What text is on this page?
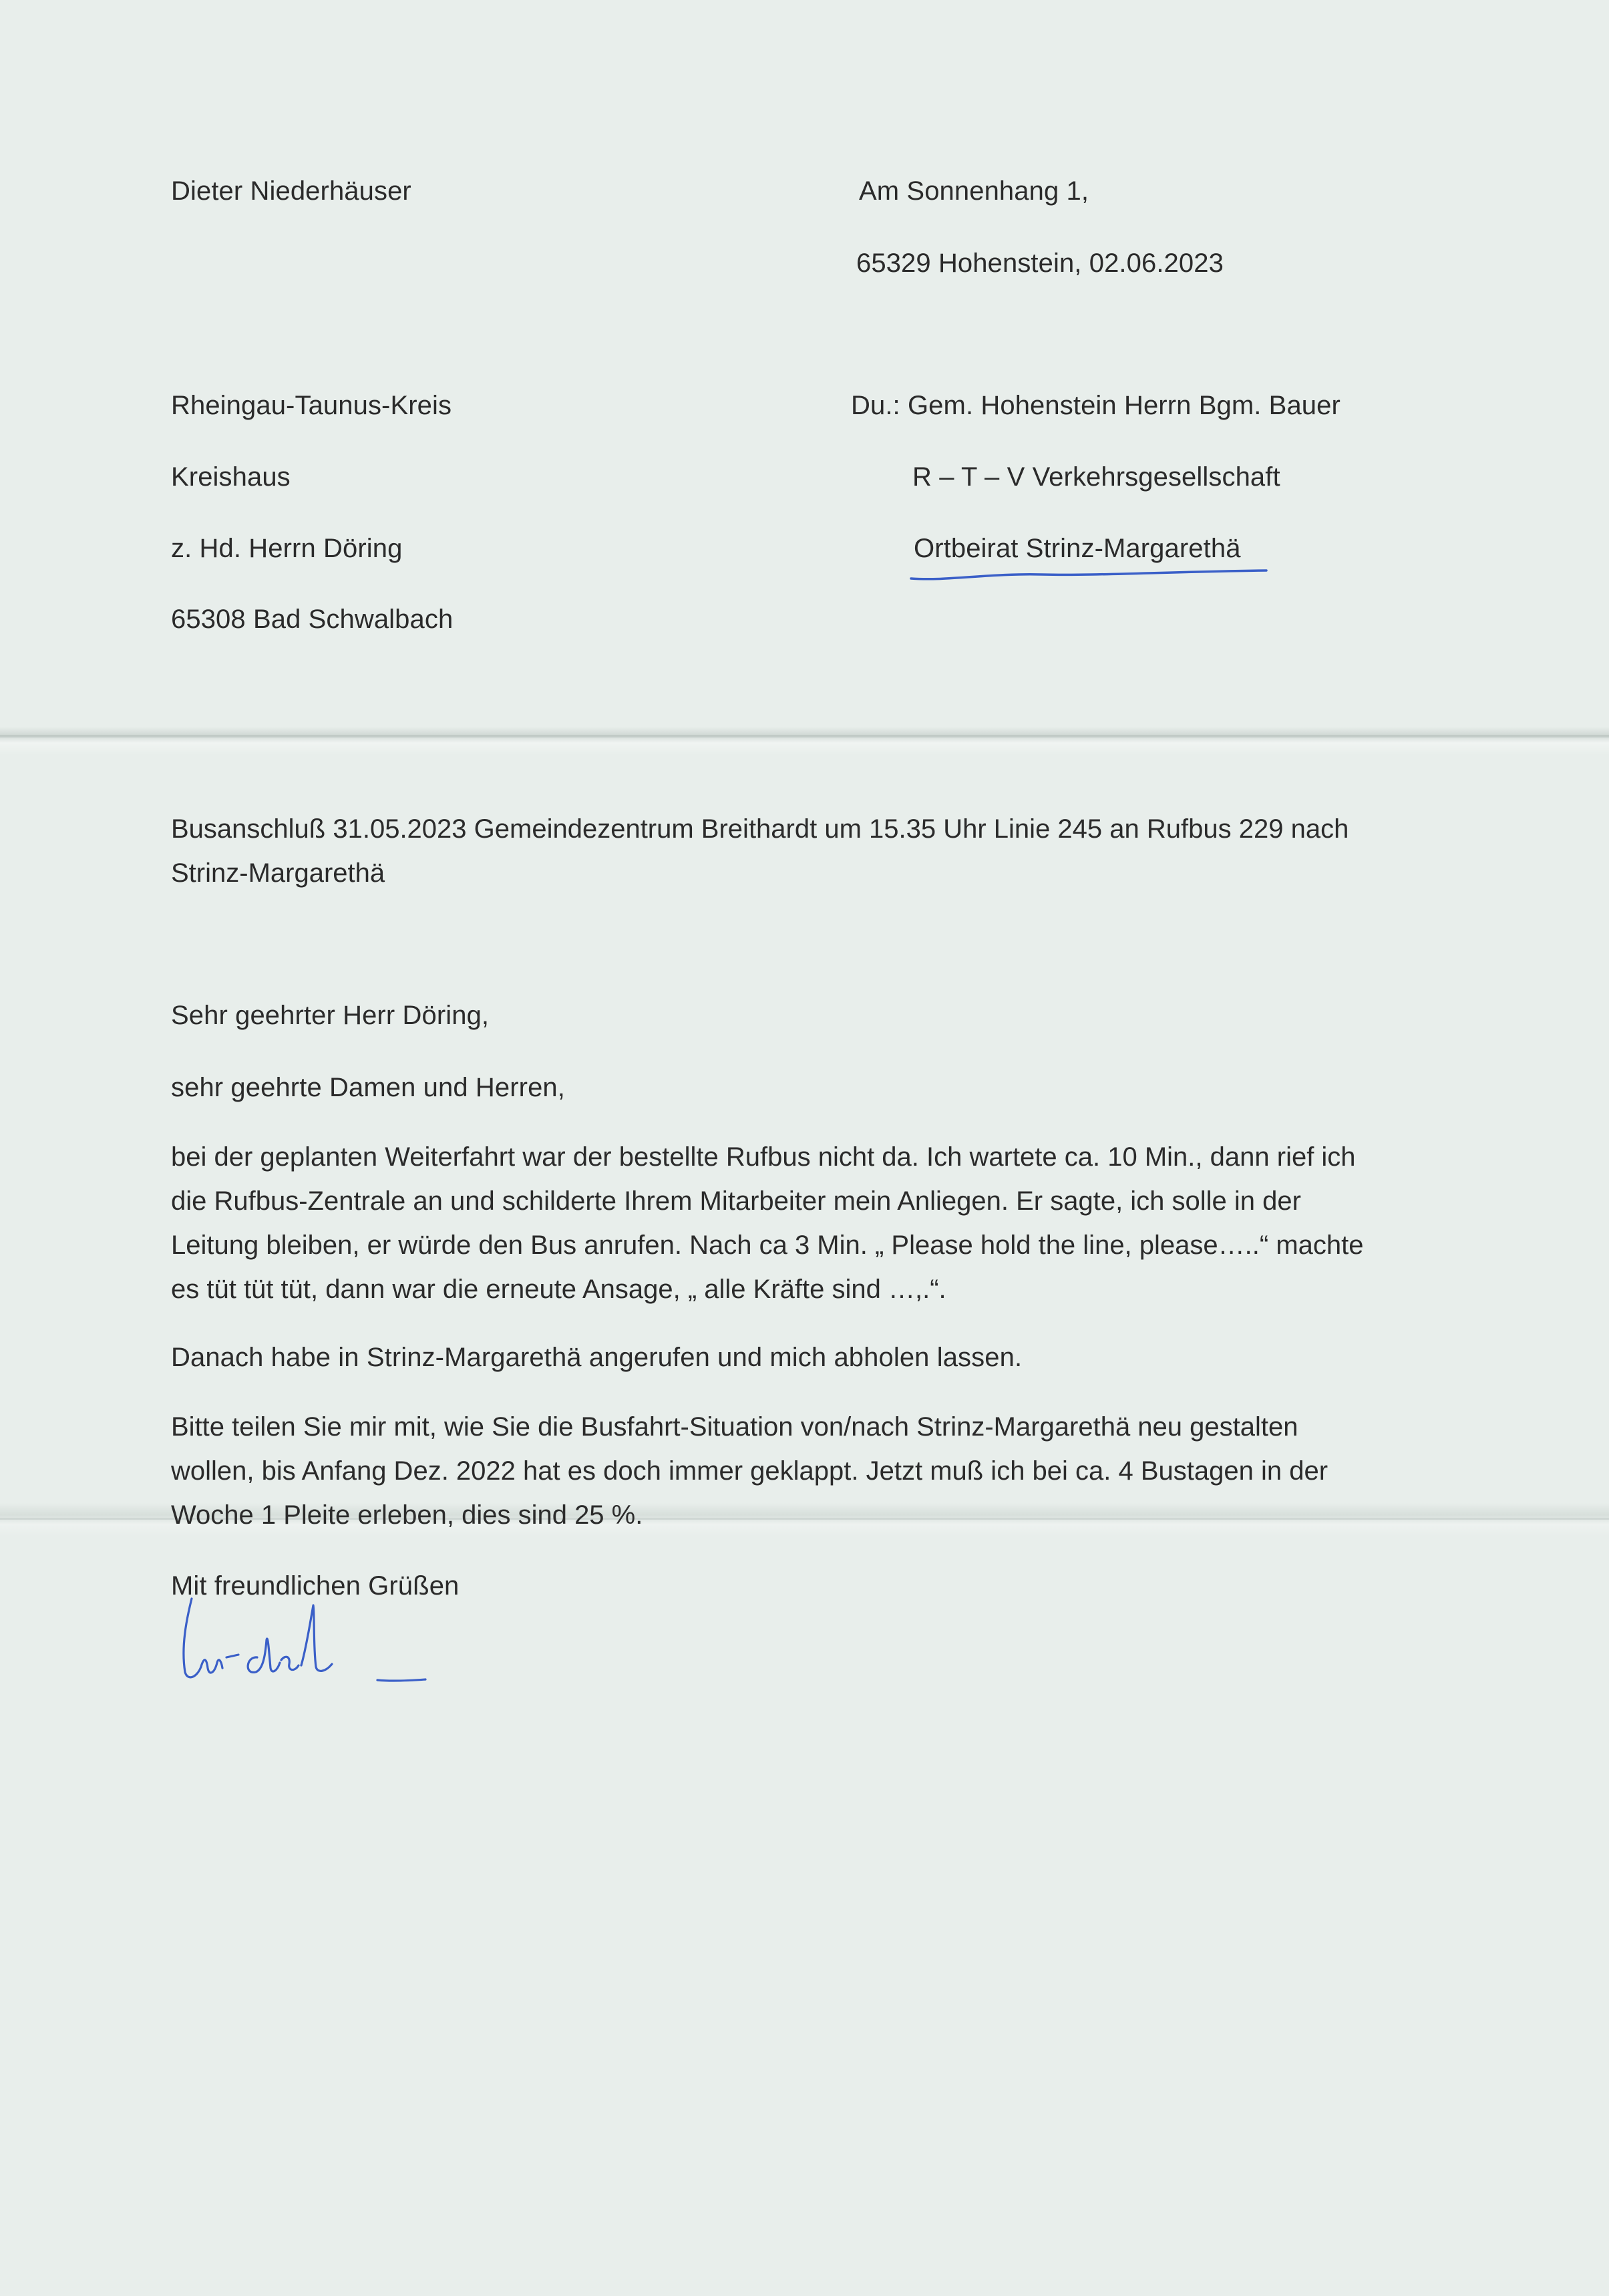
Dieter Niederhäuser	Am Sonnenhang 1,
65329 Hohenstein, 02.06.2023
Rheingau-Taunus-Kreis
Kreishaus
z. Hd. Herrn Döring
65308 Bad Schwalbach
Du.: Gem. Hohenstein Herrn Bgm. Bauer
R – T – V Verkehrsgesellschaft
Ortbeirat Strinz-Margarethä
Busanschluß 31.05.2023 Gemeindezentrum Breithardt um 15.35 Uhr Linie 245 an Rufbus 229 nach
Strinz-Margarethä
Sehr geehrter Herr Döring,
sehr geehrte Damen und Herren,
bei der geplanten Weiterfahrt war der bestellte Rufbus nicht da. Ich wartete ca. 10 Min., dann rief ich
die Rufbus-Zentrale an und schilderte Ihrem Mitarbeiter mein Anliegen. Er sagte, ich solle in der
Leitung bleiben, er würde den Bus anrufen. Nach ca 3 Min. „ Please hold the line, please…..“ machte
es tüt tüt tüt, dann war die erneute Ansage, „ alle Kräfte sind …,.“.
Danach habe in Strinz-Margarethä angerufen und mich abholen lassen.
Bitte teilen Sie mir mit, wie Sie die Busfahrt-Situation von/nach Strinz-Margarethä neu gestalten
wollen, bis Anfang Dez. 2022 hat es doch immer geklappt. Jetzt muß ich bei ca. 4 Bustagen in der
Woche 1 Pleite erleben, dies sind 25 %.
Mit freundlichen Grüßen
